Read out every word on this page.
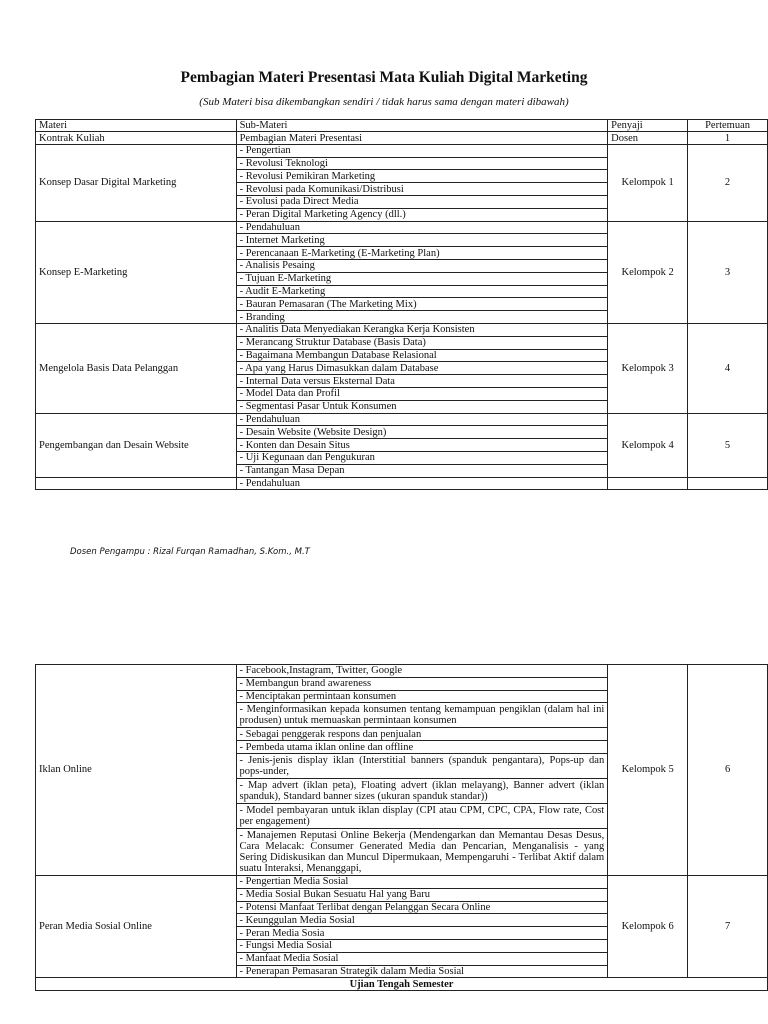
Pembagian Materi Presentasi Mata Kuliah Digital Marketing
(Sub Materi bisa dikembangkan sendiri / tidak harus sama dengan materi dibawah)
Materi	Sub-Materi	Penyaji	Pertemuan
Kontrak Kuliah	Pembagian Materi Presentasi	Dosen	1
Konsep Dasar Digital Marketing	- Pengertian	Kelompok 1	2
	- Revolusi Teknologi		
	- Revolusi Pemikiran Marketing		
	- Revolusi pada Komunikasi/Distribusi		
	- Evolusi pada Direct Media		
	- Peran Digital Marketing Agency (dll.)		
Konsep E-Marketing	- Pendahuluan	Kelompok 2	3
	- Internet Marketing		
	- Perencanaan E-Marketing (E-Marketing Plan)		
	- Analisis Pesaing		
	- Tujuan E-Marketing		
	- Audit E-Marketing		
	- Bauran Pemasaran (The Marketing Mix)		
	- Branding		
Mengelola Basis Data Pelanggan	- Analitis Data Menyediakan Kerangka Kerja Konsisten	Kelompok 3	4
	- Merancang Struktur Database (Basis Data)		
	- Bagaimana Membangun Database Relasional		
	- Apa yang Harus Dimasukkan dalam Database		
	- Internal Data versus Eksternal Data		
	- Model Data dan Profil		
	- Segmentasi Pasar Untuk Konsumen		
Pengembangan dan Desain Website	- Pendahuluan	Kelompok 4	5
	- Desain Website (Website Design)		
	- Konten dan Desain Situs		
	- Uji Kegunaan dan Pengukuran		
	- Tantangan Masa Depan		
	- Pendahuluan		
Dosen Pengampu : Rizal Furqan Ramadhan, S.Kom., M.T
Iklan Online	- Facebook,Instagram, Twitter, Google	Kelompok 5	6
	- Membangun brand awareness		
	- Menciptakan permintaan konsumen		
	- Menginformasikan kepada konsumen tentang kemampuan pengiklan (dalam hal ini produsen) untuk memuaskan permintaan konsumen		
	- Sebagai penggerak respons dan penjualan		
	- Pembeda utama iklan online dan offline		
	- Jenis-jenis display iklan (Interstitial banners (spanduk pengantara), Pops-up dan pops-under,		
	- Map advert (iklan peta), Floating advert (iklan melayang), Banner advert (iklan spanduk), Standard banner sizes (ukuran spanduk standar))		
	- Model pembayaran untuk iklan display (CPI atau CPM, CPC, CPA, Flow rate, Cost per engagement)		
	- Manajemen Reputasi Online Bekerja (Mendengarkan dan Memantau Desas Desus, Cara Melacak: Consumer Generated Media dan Pencarian, Menganalisis - yang Sering Didiskusikan dan Muncul Dipermukaan, Mempengaruhi - Terlibat Aktif dalam suatu Interaksi, Menanggapi,		
Peran Media Sosial Online	- Pengertian Media Sosial	Kelompok 6	7
	- Media Sosial Bukan Sesuatu Hal yang Baru		
	- Potensi Manfaat Terlibat dengan Pelanggan Secara Online		
	- Keunggulan Media Sosial		
	- Peran Media Sosia		
	- Fungsi Media Sosial		
	- Manfaat Media Sosial		
	- Penerapan Pemasaran Strategik dalam Media Sosial		
Ujian Tengah Semester			
